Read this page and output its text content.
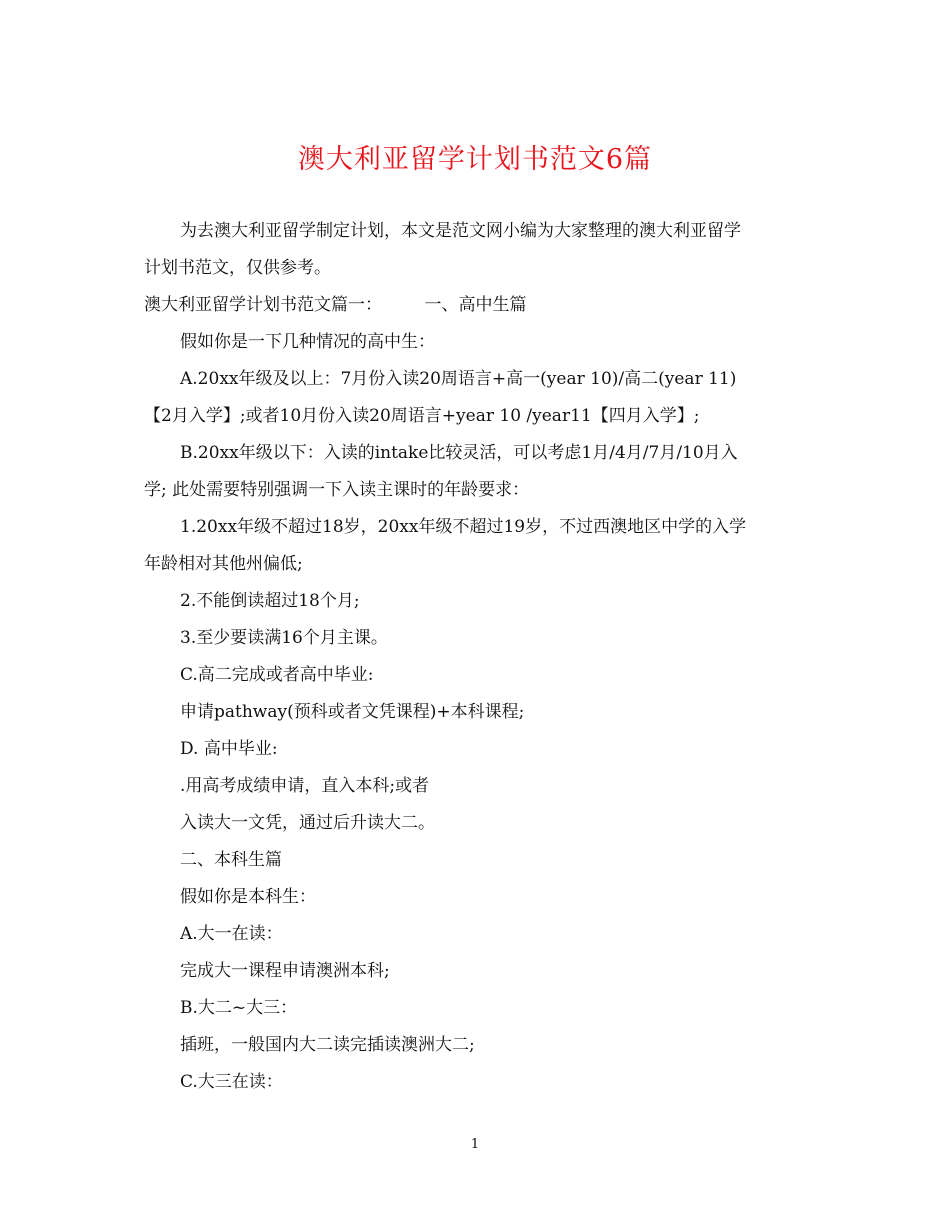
澳大利亚留学计划书范文6篇
为去澳大利亚留学制定计划，本文是范文网小编为大家整理的澳大利亚留学
计划书范文，仅供参考。
澳大利亚留学计划书范文篇一：　　　一、高中生篇
假如你是一下几种情况的高中生：
A.20xx年级及以上：7月份入读20周语言+高一(year 10)/高二(year 11)
【2月入学】;或者10月份入读20周语言+year 10 /year11【四月入学】;
B.20xx年级以下：入读的intake比较灵活，可以考虑1月/4月/7月/10月入
学; 此处需要特别强调一下入读主课时的年龄要求：
1.20xx年级不超过18岁，20xx年级不超过19岁，不过西澳地区中学的入学
年龄相对其他州偏低;
2.不能倒读超过18个月;
3.至少要读满16个月主课。
C.高二完成或者高中毕业:
申请pathway(预科或者文凭课程)+本科课程;
D. 高中毕业:
.用高考成绩申请，直入本科;或者
入读大一文凭，通过后升读大二。
二、本科生篇
假如你是本科生：
A.大一在读：
完成大一课程申请澳洲本科;
B.大二~大三：
插班，一般国内大二读完插读澳洲大二;
C.大三在读：
1
